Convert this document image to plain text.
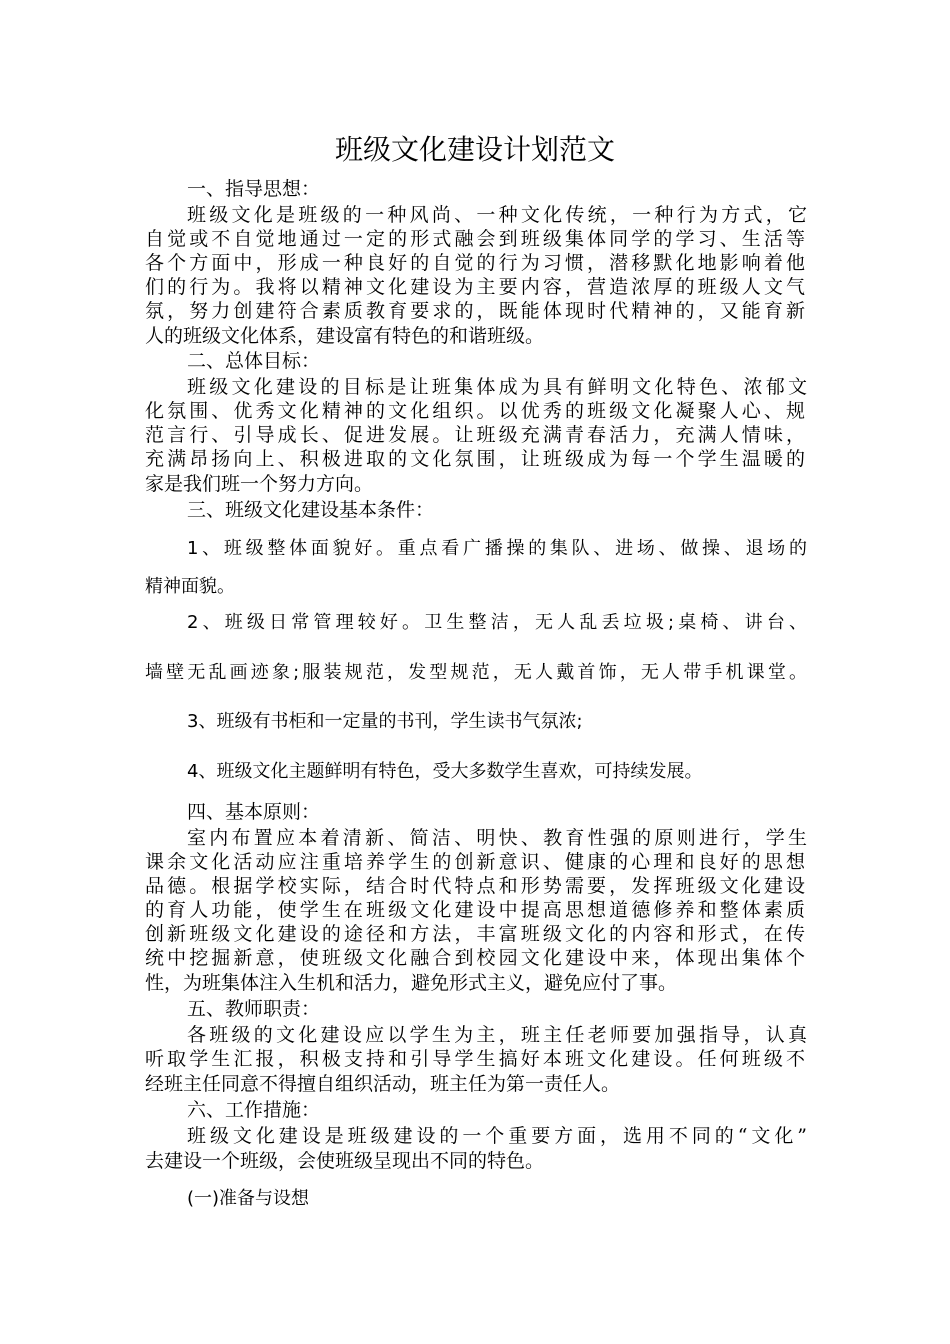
班级文化建设计划范文
一、指导思想：
班级文化是班级的一种风尚、一种文化传统，一种行为方式，它
自觉或不自觉地通过一定的形式融会到班级集体同学的学习、生活等
各个方面中，形成一种良好的自觉的行为习惯，潜移默化地影响着他
们的行为。我将以精神文化建设为主要内容，营造浓厚的班级人文气
氛，努力创建符合素质教育要求的，既能体现时代精神的，又能育新
人的班级文化体系，建设富有特色的和谐班级。
二、总体目标：
班级文化建设的目标是让班集体成为具有鲜明文化特色、浓郁文
化氛围、优秀文化精神的文化组织。以优秀的班级文化凝聚人心、规
范言行、引导成长、促进发展。让班级充满青春活力，充满人情味，
充满昂扬向上、积极进取的文化氛围，让班级成为每一个学生温暖的
家是我们班一个努力方向。
三、班级文化建设基本条件：
1、班级整体面貌好。重点看广播操的集队、进场、做操、退场的
精神面貌。
2、班级日常管理较好。卫生整洁，无人乱丢垃圾;桌椅、讲台、
墙壁无乱画迹象;服装规范，发型规范，无人戴首饰，无人带手机课堂。
3、班级有书柜和一定量的书刊，学生读书气氛浓;
4、班级文化主题鲜明有特色，受大多数学生喜欢，可持续发展。
四、基本原则：
室内布置应本着清新、简洁、明快、教育性强的原则进行，学生
课余文化活动应注重培养学生的创新意识、健康的心理和良好的思想
品德。根据学校实际，结合时代特点和形势需要，发挥班级文化建设
的育人功能，使学生在班级文化建设中提高思想道德修养和整体素质
创新班级文化建设的途径和方法，丰富班级文化的内容和形式，在传
统中挖掘新意，使班级文化融合到校园文化建设中来，体现出集体个
性，为班集体注入生机和活力，避免形式主义，避免应付了事。
五、教师职责：
各班级的文化建设应以学生为主，班主任老师要加强指导，认真
听取学生汇报，积极支持和引导学生搞好本班文化建设。任何班级不
经班主任同意不得擅自组织活动，班主任为第一责任人。
六、工作措施：
班级文化建设是班级建设的一个重要方面，选用不同的“文化”
去建设一个班级，会使班级呈现出不同的特色。
(一)准备与设想
